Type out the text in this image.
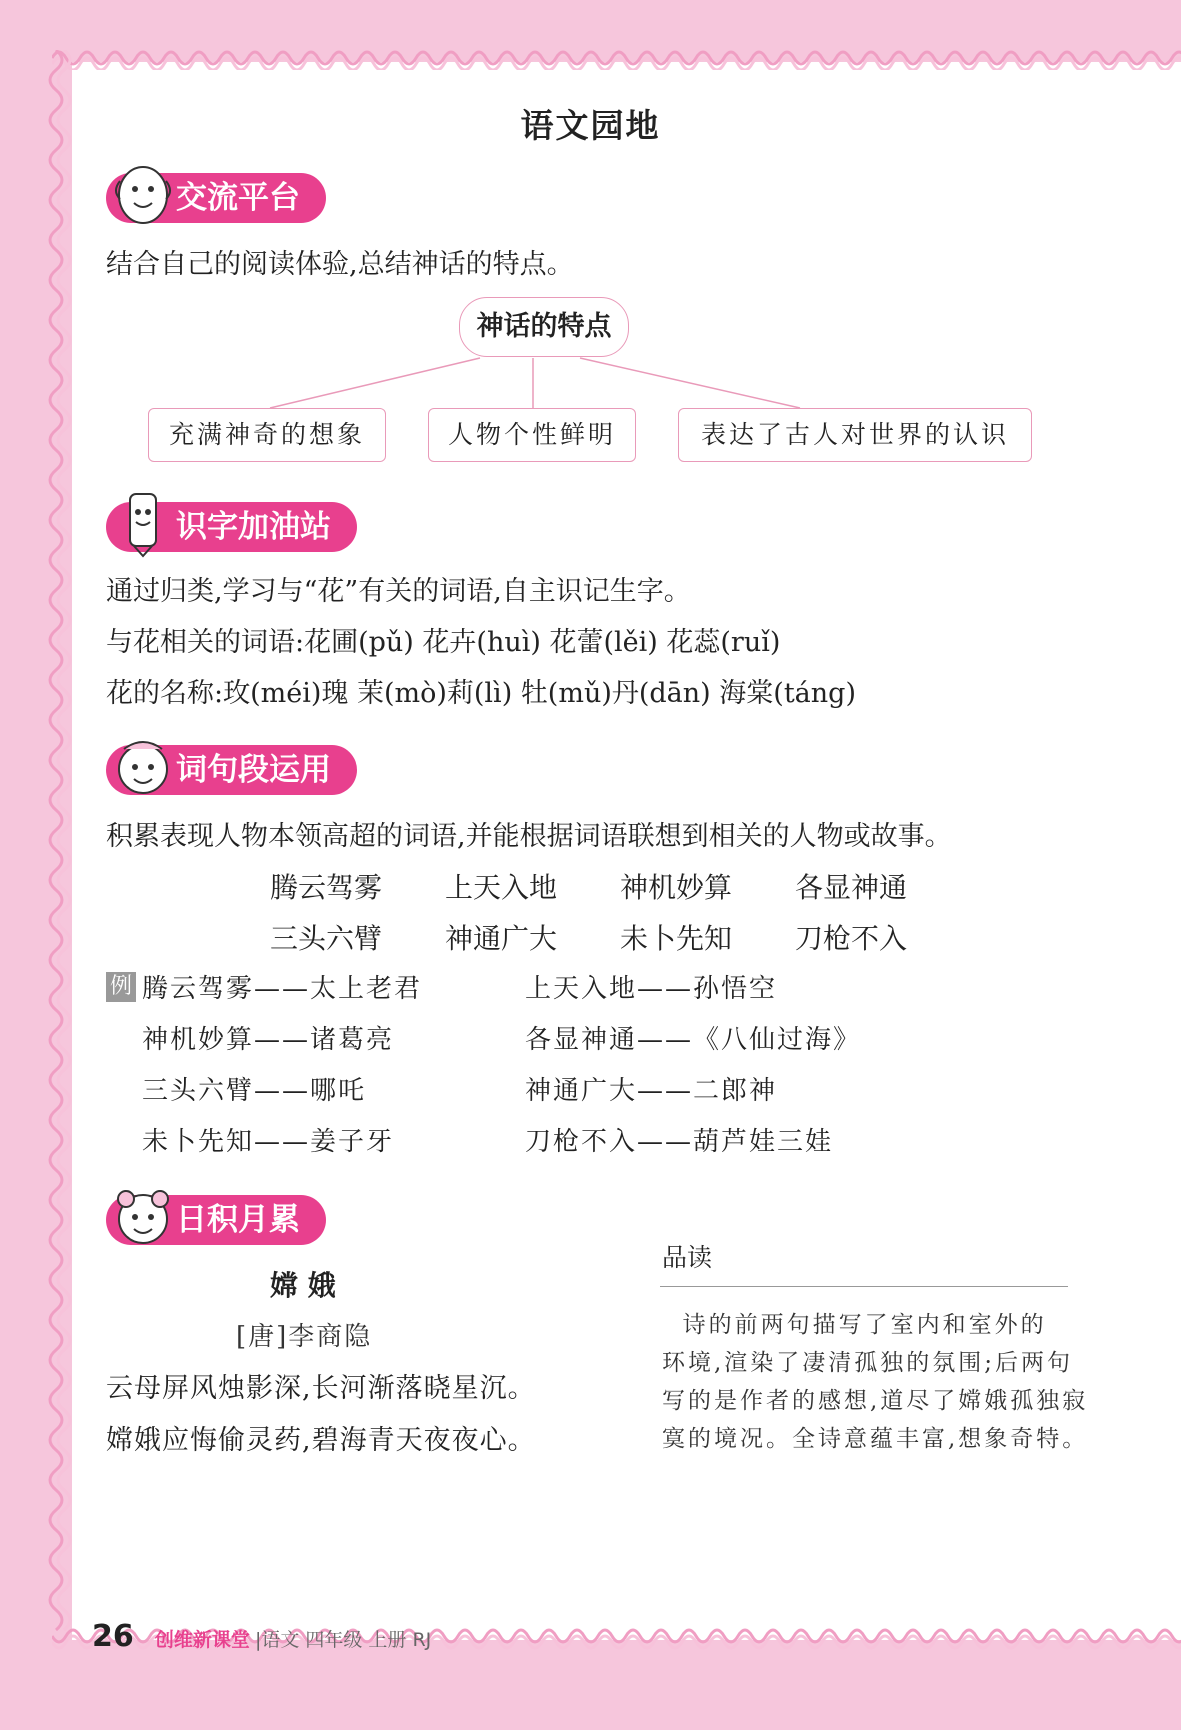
语文园地
交流平台
结合自己的阅读体验,总结神话的特点。
神话的特点
充满神奇的想象	人物个性鲜明	表达了古人对世界的认识
识字加油站
通过归类,学习与“花”有关的词语,自主识记生字。
与花相关的词语:花圃(pǔ) 花卉(huì) 花蕾(lěi) 花蕊(ruǐ)
花的名称:玫(méi)瑰 茉(mò)莉(lì) 牡(mǔ)丹(dān) 海棠(táng)
词句段运用
积累表现人物本领高超的词语,并能根据词语联想到相关的人物或故事。
腾云驾雾 上天入地 神机妙算 各显神通
三头六臂 神通广大 未卜先知 刀枪不入
例 腾云驾雾——太上老君
神机妙算——诸葛亮
三头六臂——哪吒
未卜先知——姜子牙
上天入地——孙悟空
各显神通——《八仙过海》
神通广大——二郎神
刀枪不入——葫芦娃三娃
日积月累
嫦 娥
[唐]李商隐
云母屏风烛影深,长河渐落晓星沉。
嫦娥应悔偷灵药,碧海青天夜夜心。
品读
诗的前两句描写了室内和室外的
环境,渲染了凄清孤独的氛围;后两句
写的是作者的感想,道尽了嫦娥孤独寂
寞的境况。全诗意蕴丰富,想象奇特。
26 创维新课堂 |语文 四年级 上册 RJ
